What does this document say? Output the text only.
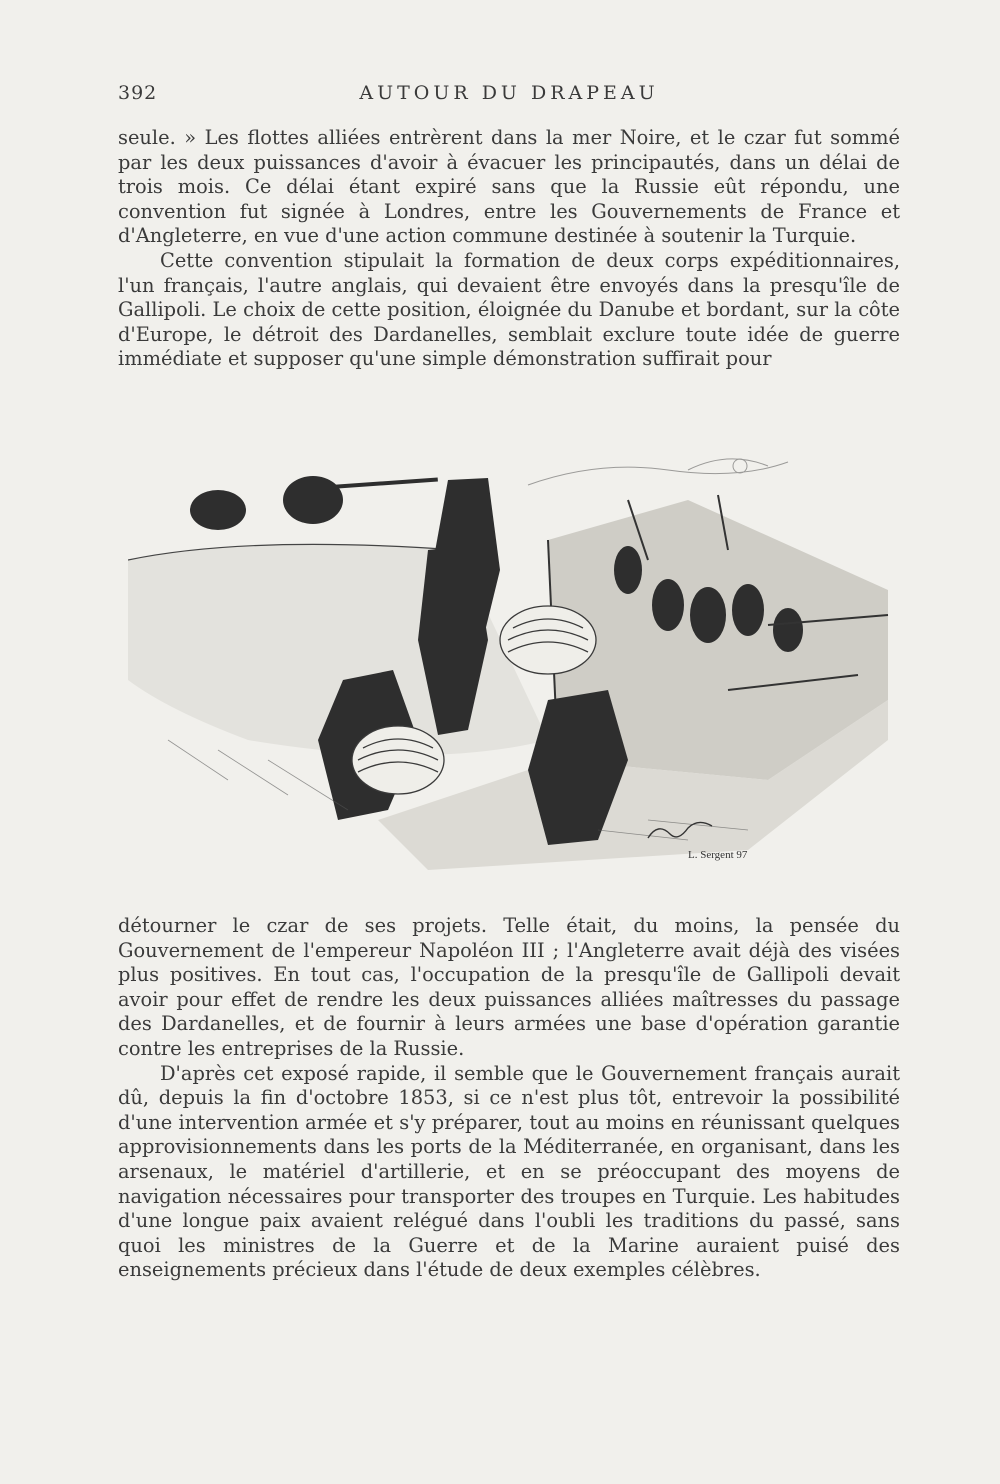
392	AUTOUR DU DRAPEAU

seule. » Les flottes alliées entrèrent dans la mer Noire, et le czar fut sommé par les deux puissances d'avoir à évacuer les principautés, dans un délai de trois mois. Ce délai étant expiré sans que la Russie eût répondu, une convention fut signée à Londres, entre les Gouvernements de France et d'Angleterre, en vue d'une action commune destinée à soutenir la Turquie.

Cette convention stipulait la formation de deux corps expéditionnaires, l'un français, l'autre anglais, qui devaient être envoyés dans la presqu'île de Gallipoli. Le choix de cette position, éloignée du Danube et bordant, sur la côte d'Europe, le détroit des Dardanelles, semblait exclure toute idée de guerre immédiate et supposer qu'une simple démonstration suffirait pour

L. Sergent 97

détourner le czar de ses projets. Telle était, du moins, la pensée du Gouvernement de l'empereur Napoléon III ; l'Angleterre avait déjà des visées plus positives. En tout cas, l'occupation de la presqu'île de Gallipoli devait avoir pour effet de rendre les deux puissances alliées maîtresses du passage des Dardanelles, et de fournir à leurs armées une base d'opération garantie contre les entreprises de la Russie.

D'après cet exposé rapide, il semble que le Gouvernement français aurait dû, depuis la fin d'octobre 1853, si ce n'est plus tôt, entrevoir la possibilité d'une intervention armée et s'y préparer, tout au moins en réunissant quelques approvisionnements dans les ports de la Méditerranée, en organisant, dans les arsenaux, le matériel d'artillerie, et en se préoccupant des moyens de navigation nécessaires pour transporter des troupes en Turquie. Les habitudes d'une longue paix avaient relégué dans l'oubli les traditions du passé, sans quoi les ministres de la Guerre et de la Marine auraient puisé des enseignements précieux dans l'étude de deux exemples célèbres.
